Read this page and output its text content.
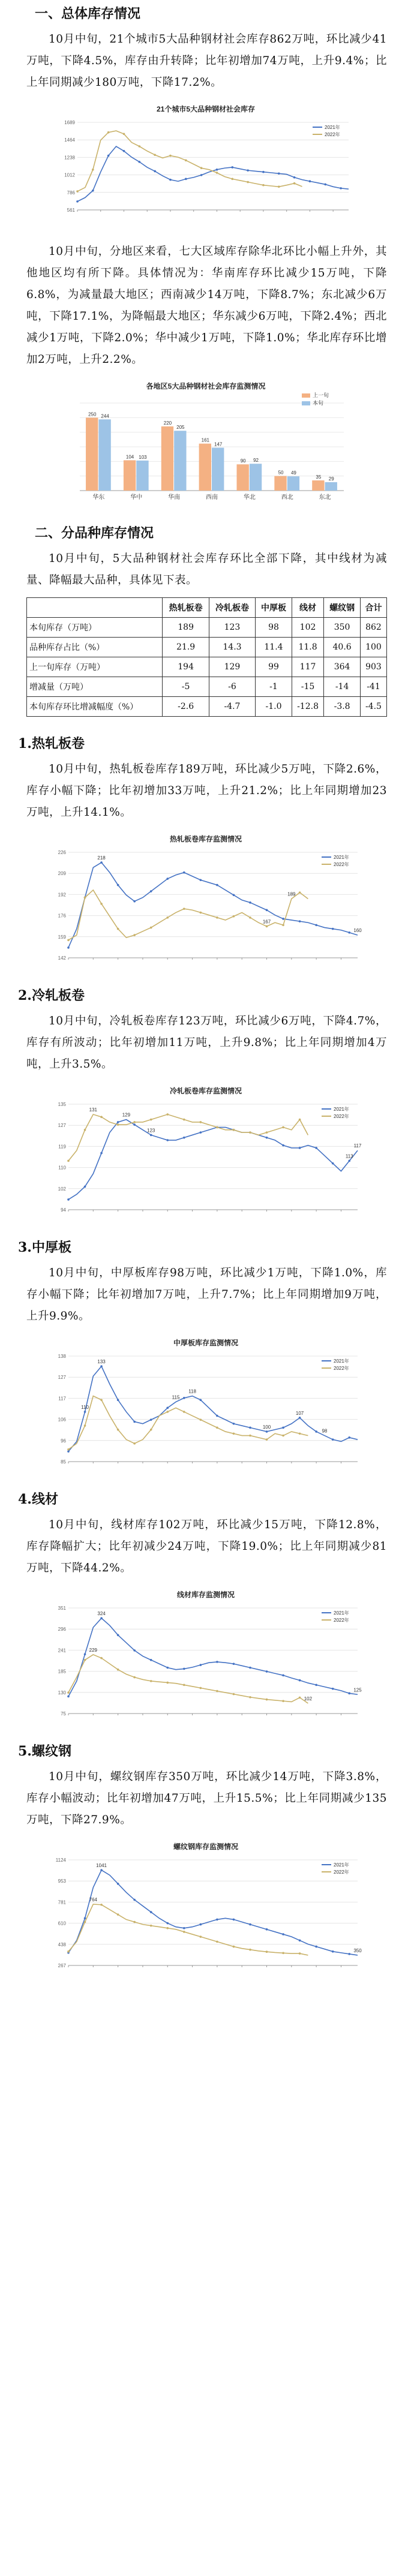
一、总体库存情况

10月中旬，21个城市5大品种钢材社会库存862万吨，环比减少41万吨，下降4.5%，库存由升转降；比年初增加74万吨，上升9.4%；比上年同期减少180万吨，下降17.2%。

21个城市5大品种钢材社会库存
1689
1464
1238
1012
786
561
2021年
2022年

10月中旬，分地区来看，七大区域库存除华北环比小幅上升外，其他地区均有所下降。具体情况为：华南库存环比减少15万吨，下降6.8%，为减量最大地区；西南减少14万吨，下降8.7%；东北减少6万吨，下降17.1%，为降幅最大地区；华东减少6万吨，下降2.4%；西北减少1万吨，下降2.0%；华中减少1万吨，下降1.0%；华北库存环比增加2万吨，上升2.2%。

各地区5大品种钢材社会库存监测情况
250 244
华东
104 103
华中
220
205
华南
161
147
西南
90 92
华北
50 49
西北
35 29
东北
上一旬
本旬
二、分品种库存情况

10月中旬，5大品种钢材社会库存环比全部下降，其中线材为减量、降幅最大品种，具体见下表。

	热轧板卷	冷轧板卷	中厚板	线材	螺纹钢	合计
本旬库存（万吨）	189	123	98	102	350	862
品种库存占比（%）	21.9	14.3	11.4	11.8	40.6	100
上一旬库存（万吨）	194	129	99	117	364	903
增减量（万吨）	-5	-6	-1	-15	-14	-41
本旬库存环比增减幅度（%）	-2.6	-4.7	-1.0	-12.8	-3.8	-4.5
1.热轧板卷

10月中旬，热轧板卷库存189万吨，环比减少5万吨，下降2.6%，库存小幅下降；比年初增加33万吨，上升21.2%；比上年同期增加23万吨，上升14.1%。

热轧板卷库存监测情况
226
209
192
176
159
142
218
189
167
160
2021年
2022年
2.冷轧板卷

10月中旬，冷轧板卷库存123万吨，环比减少6万吨，下降4.7%，库存有所波动；比年初增加11万吨，上升9.8%；比上年同期增加4万吨，上升3.5%。

冷轧板卷库存监测情况
135
127
119
110
102
94
113
131
129
123
117
2021年
2022年
3.中厚板

10月中旬，中厚板库存98万吨，环比减少1万吨，下降1.0%，库存小幅下降；比年初增加7万吨，上升7.7%；比上年同期增加9万吨，上升9.9%。

中厚板库存监测情况
138
127
117
106
96
85
133
118
110
115
100
98
107
2021年
2022年
4.线材

10月中旬，线材库存102万吨，环比减少15万吨，下降12.8%，库存降幅扩大；比年初减少24万吨，下降19.0%；比上年同期减少81万吨，下降44.2%。

线材库存监测情况
351
296
241
185
130
75
324
229
125
102
2021年
2022年
5.螺纹钢

10月中旬，螺纹钢库存350万吨，环比减少14万吨，下降3.8%，库存小幅波动；比年初增加47万吨，上升15.5%；比上年同期减少135万吨，下降27.9%。

螺纹钢库存监测情况
1124
953
781
610
438
267
1041
764
350
2021年
2022年
